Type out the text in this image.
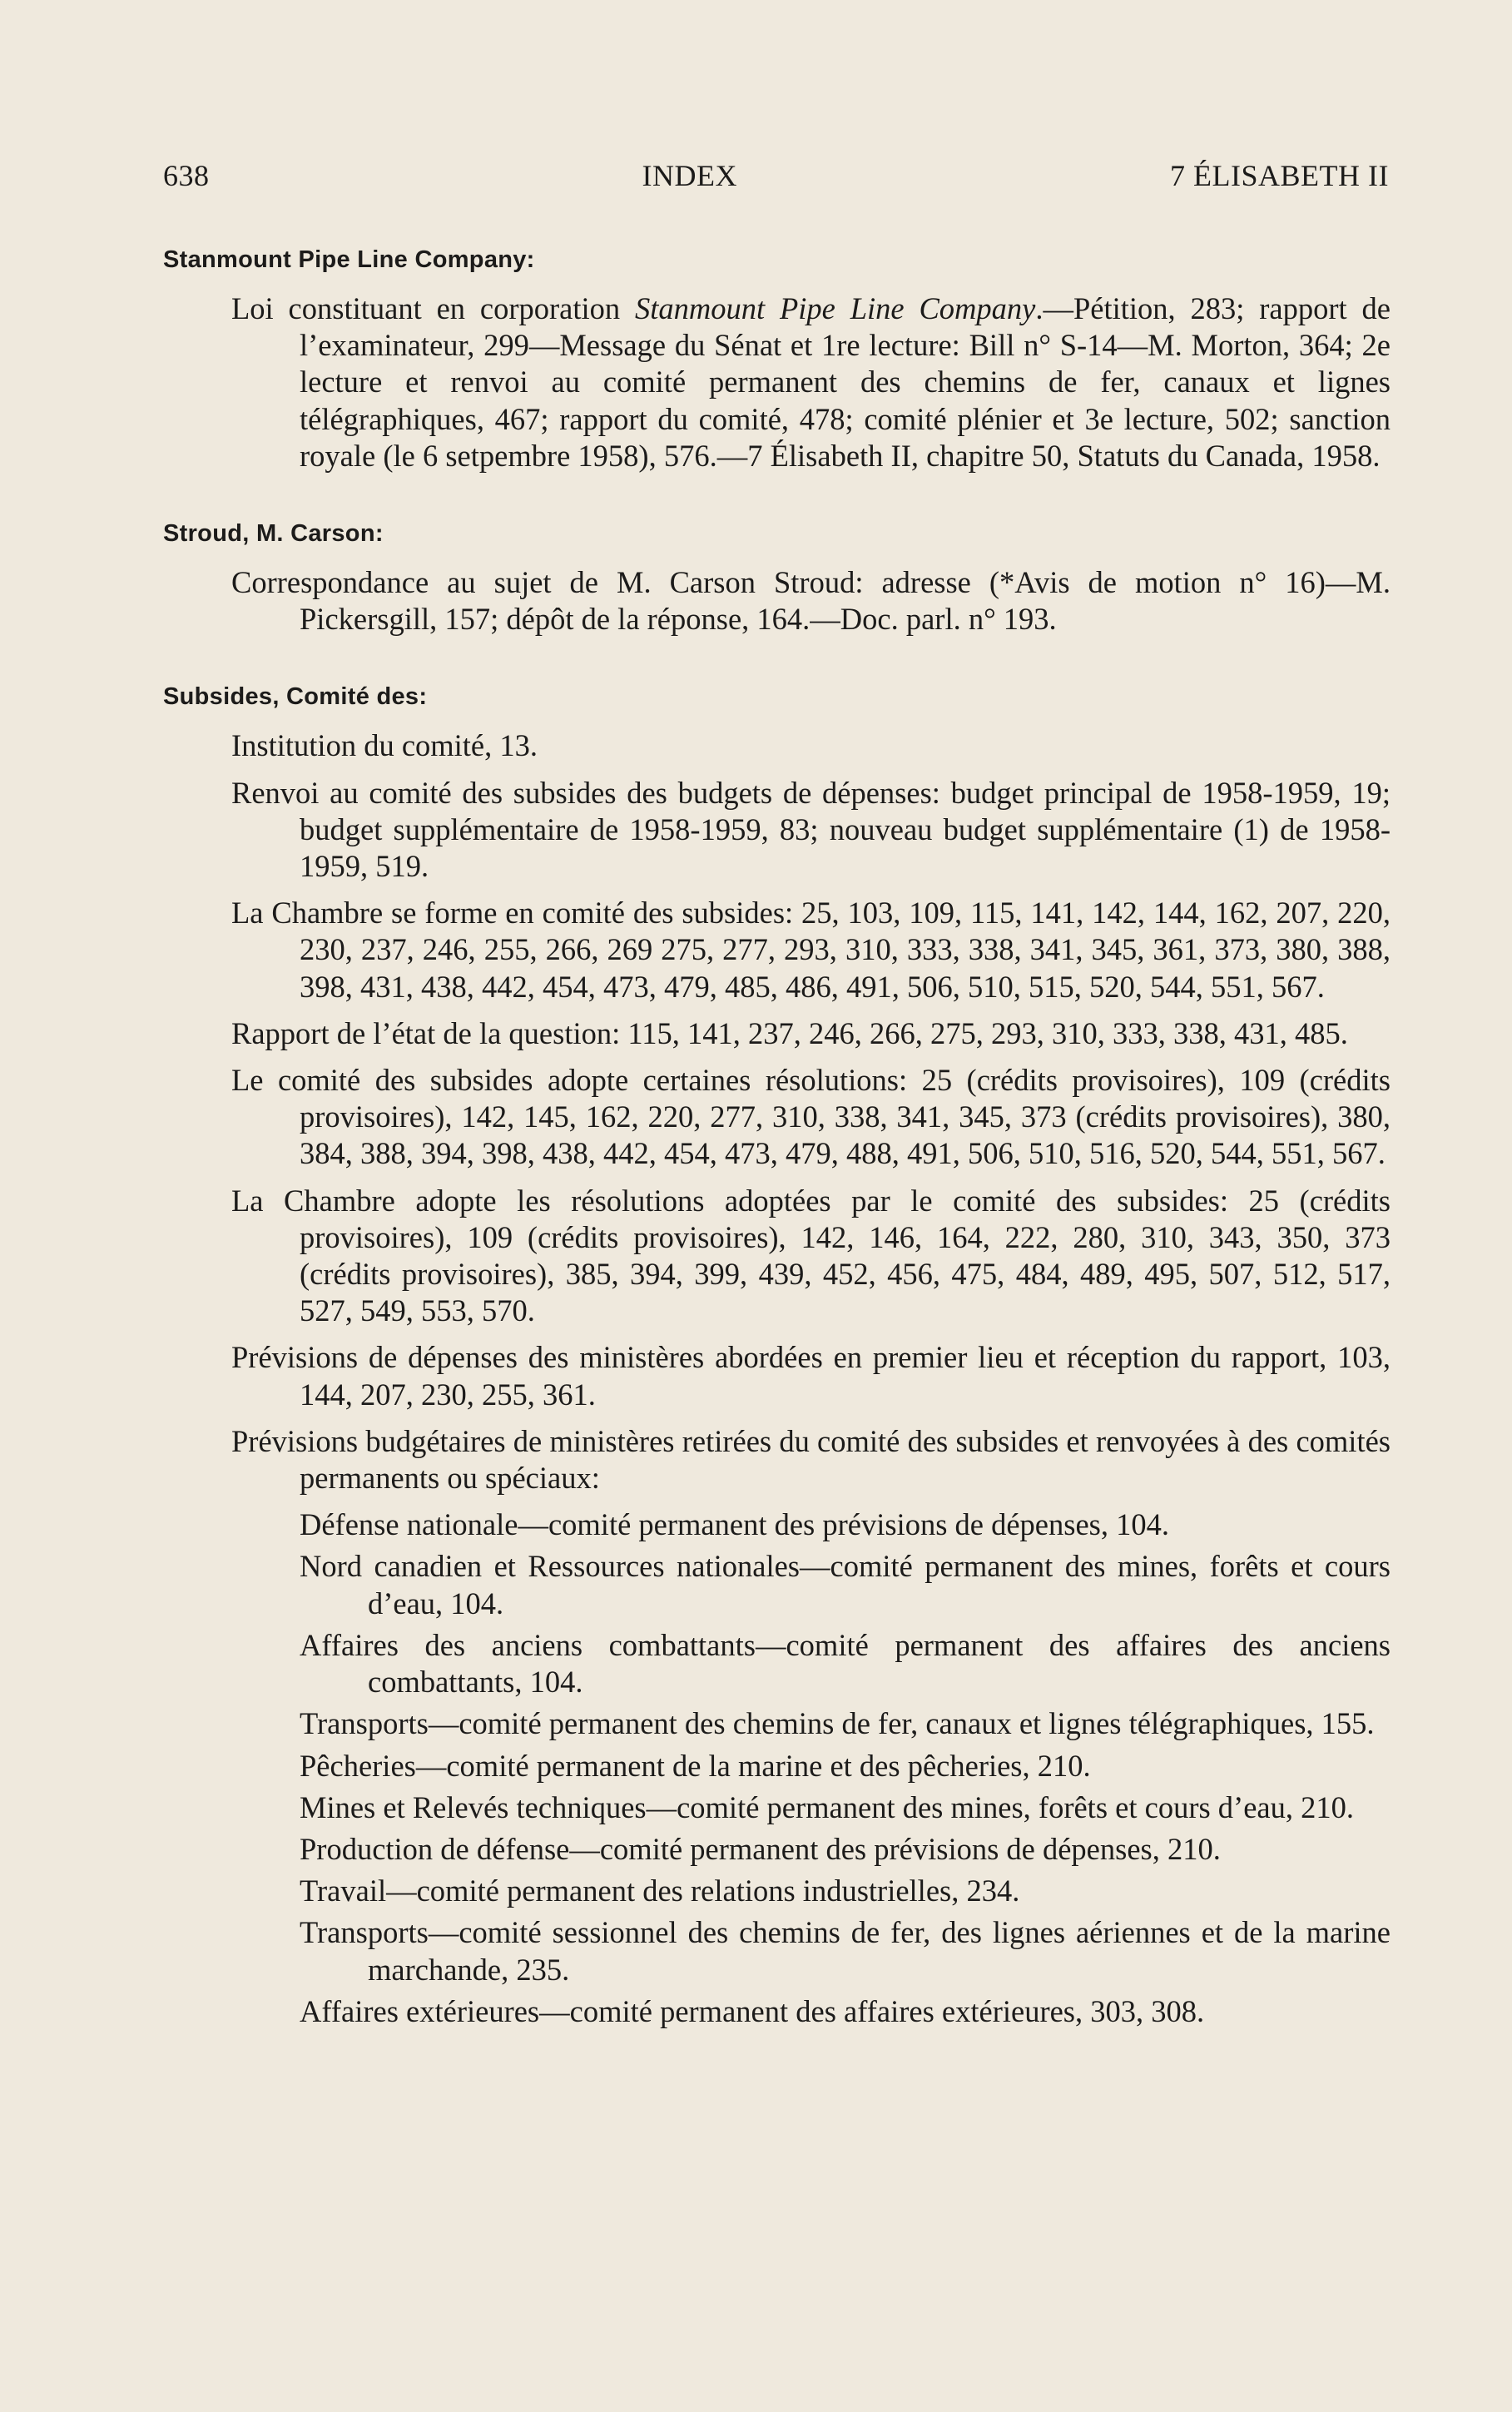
638	INDEX	7 ÉLISABETH II
Stanmount Pipe Line Company:

Loi constituant en corporation Stanmount Pipe Line Company.—Pétition, 283; rapport de l’examinateur, 299—Message du Sénat et 1re lecture: Bill n° S-14—M. Morton, 364; 2e lecture et renvoi au comité permanent des chemins de fer, canaux et lignes télégraphiques, 467; rapport du comité, 478; comité plénier et 3e lecture, 502; sanction royale (le 6 setpembre 1958), 576.—7 Élisabeth II, chapitre 50, Statuts du Canada, 1958.

Stroud, M. Carson:

Correspondance au sujet de M. Carson Stroud: adresse (*Avis de motion n° 16)—M. Pickersgill, 157; dépôt de la réponse, 164.—Doc. parl. n° 193.

Subsides, Comité des:

Institution du comité, 13.

Renvoi au comité des subsides des budgets de dépenses: budget principal de 1958-1959, 19; budget supplémentaire de 1958-1959, 83; nouveau budget supplémentaire (1) de 1958-1959, 519.

La Chambre se forme en comité des subsides: 25, 103, 109, 115, 141, 142, 144, 162, 207, 220, 230, 237, 246, 255, 266, 269 275, 277, 293, 310, 333, 338, 341, 345, 361, 373, 380, 388, 398, 431, 438, 442, 454, 473, 479, 485, 486, 491, 506, 510, 515, 520, 544, 551, 567.

Rapport de l’état de la question: 115, 141, 237, 246, 266, 275, 293, 310, 333, 338, 431, 485.

Le comité des subsides adopte certaines résolutions: 25 (crédits provisoires), 109 (crédits provisoires), 142, 145, 162, 220, 277, 310, 338, 341, 345, 373 (crédits provisoires), 380, 384, 388, 394, 398, 438, 442, 454, 473, 479, 488, 491, 506, 510, 516, 520, 544, 551, 567.

La Chambre adopte les résolutions adoptées par le comité des subsides: 25 (crédits provisoires), 109 (crédits provisoires), 142, 146, 164, 222, 280, 310, 343, 350, 373 (crédits provisoires), 385, 394, 399, 439, 452, 456, 475, 484, 489, 495, 507, 512, 517, 527, 549, 553, 570.

Prévisions de dépenses des ministères abordées en premier lieu et réception du rapport, 103, 144, 207, 230, 255, 361.

Prévisions budgétaires de ministères retirées du comité des subsides et renvoyées à des comités permanents ou spéciaux:

Défense nationale—comité permanent des prévisions de dépenses, 104.

Nord canadien et Ressources nationales—comité permanent des mines, forêts et cours d’eau, 104.

Affaires des anciens combattants—comité permanent des affaires des anciens combattants, 104.

Transports—comité permanent des chemins de fer, canaux et lignes télégraphiques, 155.

Pêcheries—comité permanent de la marine et des pêcheries, 210.

Mines et Relevés techniques—comité permanent des mines, forêts et cours d’eau, 210.

Production de défense—comité permanent des prévisions de dépenses, 210.

Travail—comité permanent des relations industrielles, 234.

Transports—comité sessionnel des chemins de fer, des lignes aériennes et de la marine marchande, 235.

Affaires extérieures—comité permanent des affaires extérieures, 303, 308.
